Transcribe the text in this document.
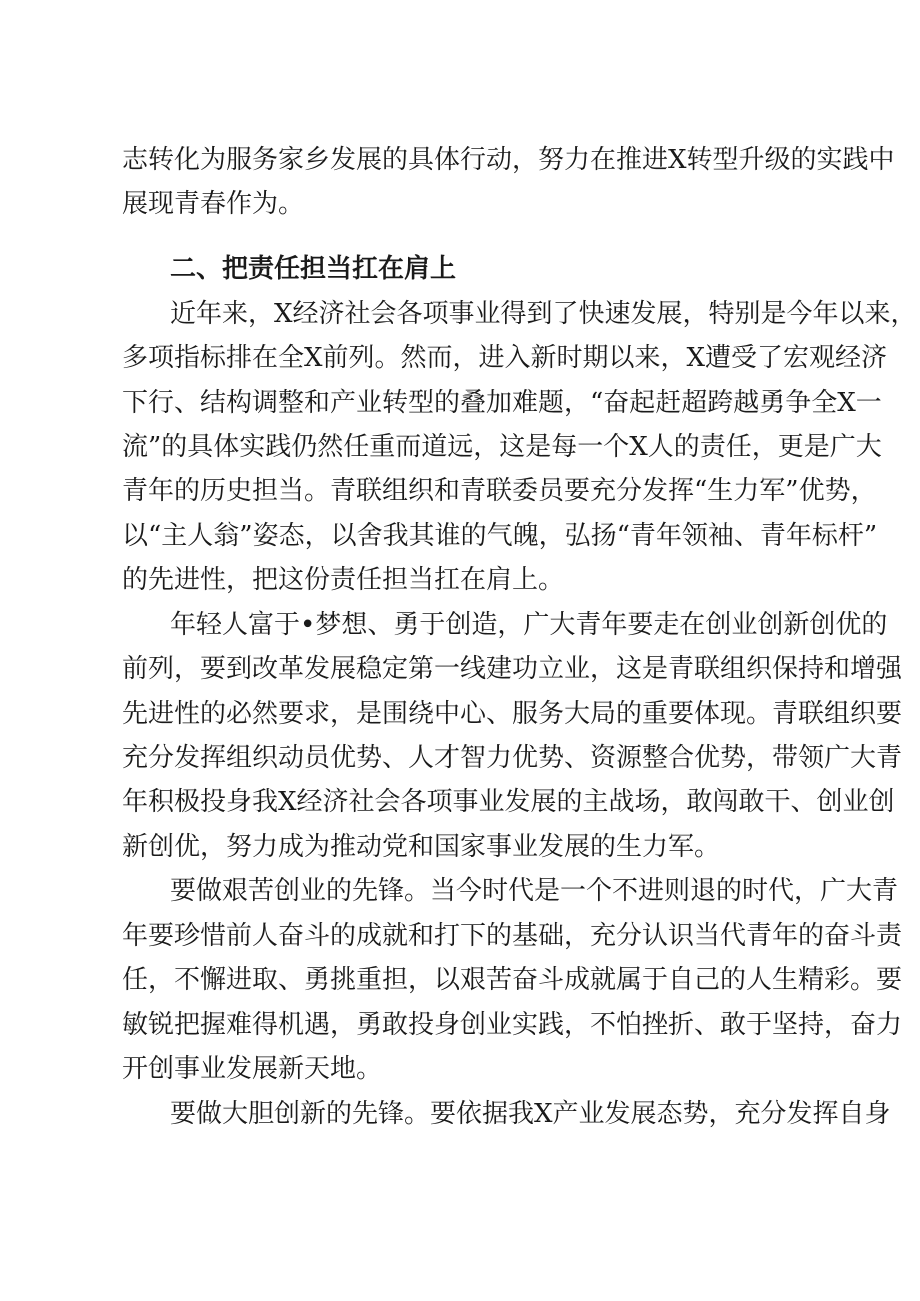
志转化为服务家乡发展的具体行动，努力在推进X转型升级的实践中
展现青春作为。
二、把责任担当扛在肩上
近年来，X经济社会各项事业得到了快速发展，特别是今年以来，
多项指标排在全X前列。然而，进入新时期以来，X遭受了宏观经济
下行、结构调整和产业转型的叠加难题，“奋起赶超跨越勇争全X一
流”的具体实践仍然任重而道远，这是每一个X人的责任，更是广大
青年的历史担当。青联组织和青联委员要充分发挥“生力军”优势，
以“主人翁”姿态，以舍我其谁的气魄，弘扬“青年领袖、青年标杆”
的先进性，把这份责任担当扛在肩上。
年轻人富于•梦想、勇于创造，广大青年要走在创业创新创优的
前列，要到改革发展稳定第一线建功立业，这是青联组织保持和增强
先进性的必然要求，是围绕中心、服务大局的重要体现。青联组织要
充分发挥组织动员优势、人才智力优势、资源整合优势，带领广大青
年积极投身我X经济社会各项事业发展的主战场，敢闯敢干、创业创
新创优，努力成为推动党和国家事业发展的生力军。
要做艰苦创业的先锋。当今时代是一个不进则退的时代，广大青
年要珍惜前人奋斗的成就和打下的基础，充分认识当代青年的奋斗责
任，不懈进取、勇挑重担，以艰苦奋斗成就属于自己的人生精彩。要
敏锐把握难得机遇，勇敢投身创业实践，不怕挫折、敢于坚持，奋力
开创事业发展新天地。
要做大胆创新的先锋。要依据我X产业发展态势，充分发挥自身
